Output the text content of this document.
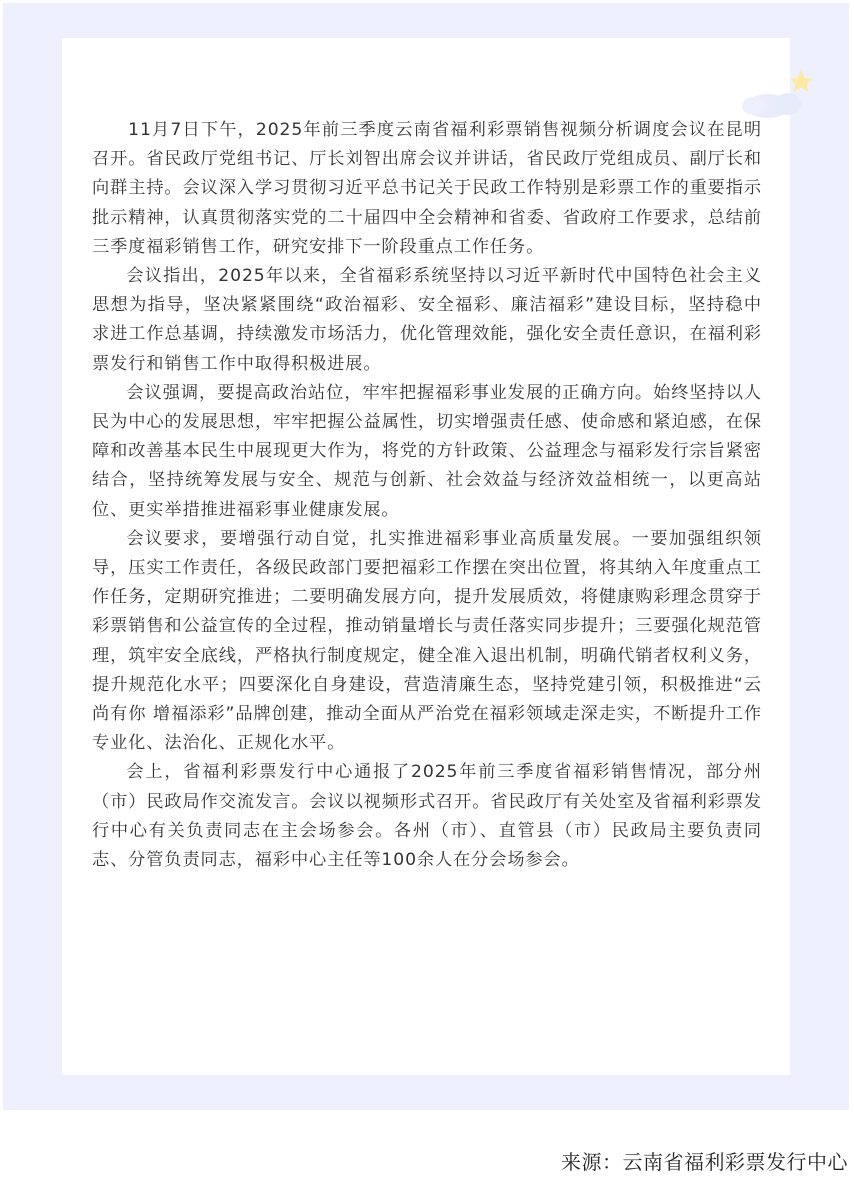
11月7日下午，2025年前三季度云南省福利彩票销售视频分析调度会议在昆明召开。省民政厅党组书记、厅长刘智出席会议并讲话，省民政厅党组成员、副厅长和向群主持。会议深入学习贯彻习近平总书记关于民政工作特别是彩票工作的重要指示批示精神，认真贯彻落实党的二十届四中全会精神和省委、省政府工作要求，总结前三季度福彩销售工作，研究安排下一阶段重点工作任务。

会议指出，2025年以来，全省福彩系统坚持以习近平新时代中国特色社会主义思想为指导，坚决紧紧围绕“政治福彩、安全福彩、廉洁福彩”建设目标，坚持稳中求进工作总基调，持续激发市场活力，优化管理效能，强化安全责任意识，在福利彩票发行和销售工作中取得积极进展。

会议强调，要提高政治站位，牢牢把握福彩事业发展的正确方向。始终坚持以人民为中心的发展思想，牢牢把握公益属性，切实增强责任感、使命感和紧迫感，在保障和改善基本民生中展现更大作为，将党的方针政策、公益理念与福彩发行宗旨紧密结合，坚持统筹发展与安全、规范与创新、社会效益与经济效益相统一，以更高站位、更实举措推进福彩事业健康发展。

会议要求，要增强行动自觉，扎实推进福彩事业高质量发展。一要加强组织领导，压实工作责任，各级民政部门要把福彩工作摆在突出位置，将其纳入年度重点工作任务，定期研究推进；二要明确发展方向，提升发展质效，将健康购彩理念贯穿于彩票销售和公益宣传的全过程，推动销量增长与责任落实同步提升；三要强化规范管理，筑牢安全底线，严格执行制度规定，健全准入退出机制，明确代销者权利义务，提升规范化水平；四要深化自身建设，营造清廉生态，坚持党建引领，积极推进“云尚有你 增福添彩”品牌创建，推动全面从严治党在福彩领域走深走实，不断提升工作专业化、法治化、正规化水平。

会上，省福利彩票发行中心通报了2025年前三季度省福彩销售情况，部分州（市）民政局作交流发言。会议以视频形式召开。省民政厅有关处室及省福利彩票发行中心有关负责同志在主会场参会。各州（市）、直管县（市）民政局主要负责同志、分管负责同志，福彩中心主任等100余人在分会场参会。

来源：云南省福利彩票发行中心
